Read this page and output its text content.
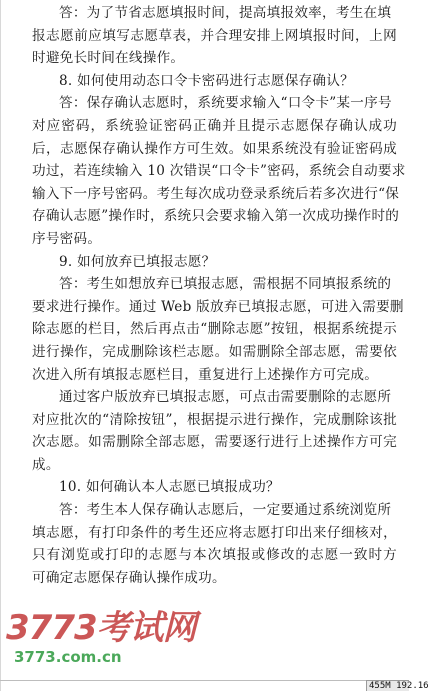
答：为了节省志愿填报时间，提高填报效率，考生在填
报志愿前应填写志愿草表，并合理安排上网填报时间，上网
时避免长时间在线操作。
8. 如何使用动态口令卡密码进行志愿保存确认？
答：保存确认志愿时，系统要求输入“口令卡”某一序号
对应密码，系统验证密码正确并且提示志愿保存确认成功
后，志愿保存确认操作方可生效。如果系统没有验证密码成
功过，若连续输入 10 次错误“口令卡”密码，系统会自动要求
输入下一序号密码。考生每次成功登录系统后若多次进行“保
存确认志愿”操作时，系统只会要求输入第一次成功操作时的
序号密码。
9. 如何放弃已填报志愿？
答：考生如想放弃已填报志愿，需根据不同填报系统的
要求进行操作。通过 Web 版放弃已填报志愿，可进入需要删
除志愿的栏目，然后再点击“删除志愿”按钮，根据系统提示
进行操作，完成删除该栏志愿。如需删除全部志愿，需要依
次进入所有填报志愿栏目，重复进行上述操作方可完成。
通过客户版放弃已填报志愿，可点击需要删除的志愿所
对应批次的“清除按钮”，根据提示进行操作，完成删除该批
次志愿。如需删除全部志愿，需要逐行进行上述操作方可完
成。
10. 如何确认本人志愿已填报成功？
答：考生本人保存确认志愿后，一定要通过系统浏览所
填志愿，有打印条件的考生还应将志愿打印出来仔细核对，
只有浏览或打印的志愿与本次填报或修改的志愿一致时方
可确定志愿保存确认操作成功。
3773考试网
3773.com.cn
455M 192.16
